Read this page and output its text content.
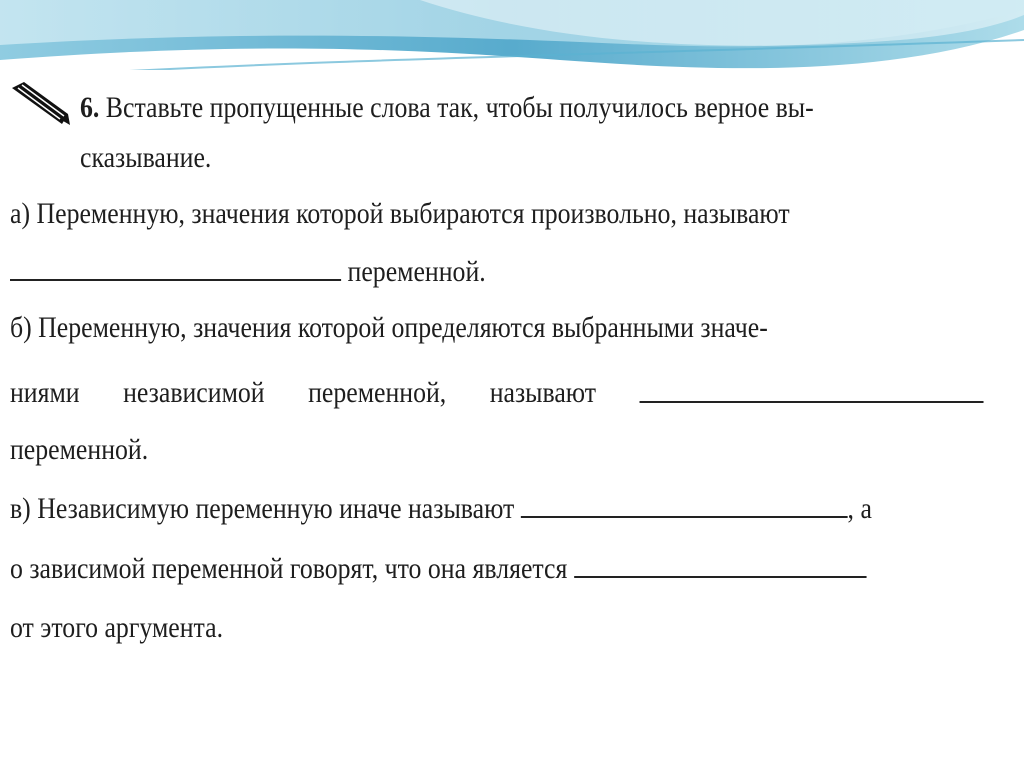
6. Вставьте пропущенные слова так, чтобы получилось верное вы-
сказывание.
а) Переменную, значения которой выбираются произвольно, называют
переменной.
б) Переменную, значения которой определяются выбранными значе-
ниями независимой переменной, называют
переменной.
в) Независимую переменную иначе называют	, а
о зависимой переменной говорят, что она является
от этого аргумента.
